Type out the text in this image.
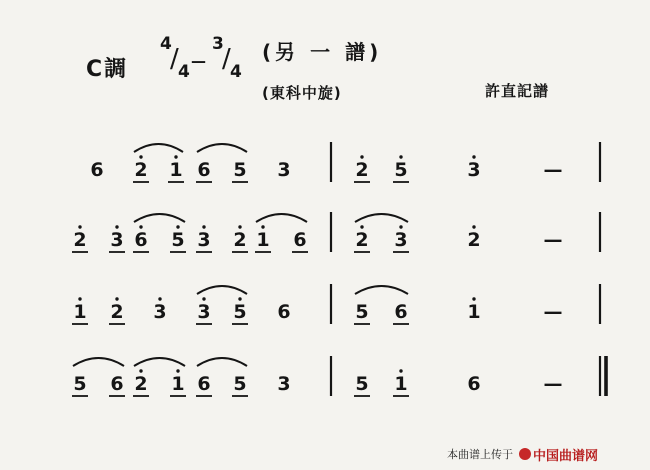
C調
4
/ 4
—
3
/ 4
(另 一 譜)
(東科中旋)	許直記譜
6 2 1 6 5 3	2 5	3	—
2 3 6 5 3 2 1 6	2 3	2	—
1 2 3 3 5 6	5 6	1	—
5 6 2 1 6 5 3	5 1	6	—
本曲谱上传于 中国曲谱网
